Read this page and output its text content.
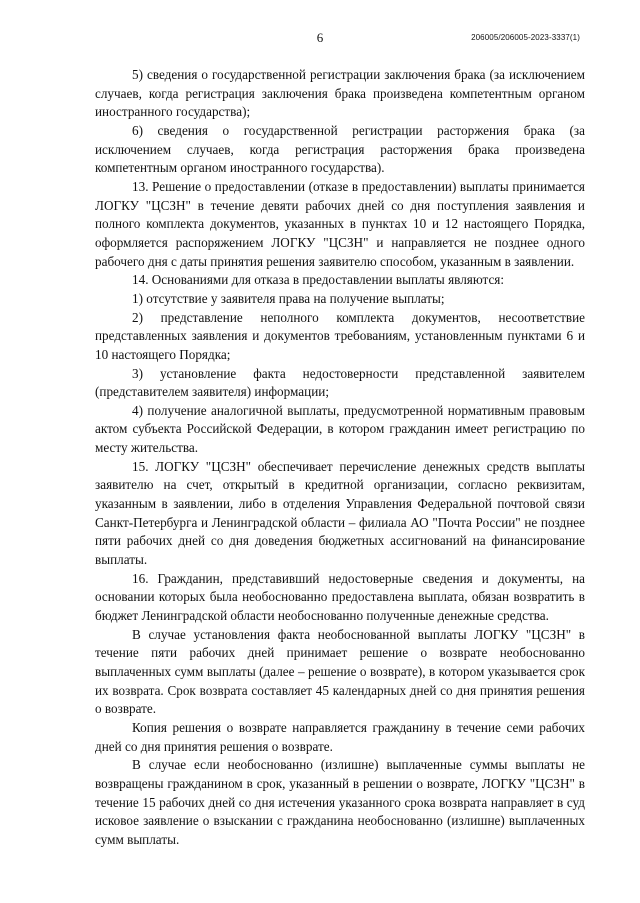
6	206005/206005-2023-3337(1)

5) сведения о государственной регистрации заключения брака (за исключением случаев, когда регистрация заключения брака произведена компетентным органом иностранного государства);

6) сведения о государственной регистрации расторжения брака (за исключением случаев, когда регистрация расторжения брака произведена компетентным органом иностранного государства).

13. Решение о предоставлении (отказе в предоставлении) выплаты принимается ЛОГКУ "ЦСЗН" в течение девяти рабочих дней со дня поступления заявления и полного комплекта документов, указанных в пунктах 10 и 12 настоящего Порядка, оформляется распоряжением ЛОГКУ "ЦСЗН" и направляется не позднее одного рабочего дня с даты принятия решения заявителю способом, указанным в заявлении.

14. Основаниями для отказа в предоставлении выплаты являются:

1) отсутствие у заявителя права на получение выплаты;

2) представление неполного комплекта документов, несоответствие представленных заявления и документов требованиям, установленным пунктами 6 и 10 настоящего Порядка;

3) установление факта недостоверности представленной заявителем (представителем заявителя) информации;

4) получение аналогичной выплаты, предусмотренной нормативным правовым актом субъекта Российской Федерации, в котором гражданин имеет регистрацию по месту жительства.

15. ЛОГКУ "ЦСЗН" обеспечивает перечисление денежных средств выплаты заявителю на счет, открытый в кредитной организации, согласно реквизитам, указанным в заявлении, либо в отделения Управления Федеральной почтовой связи Санкт-Петербурга и Ленинградской области – филиала АО "Почта России" не позднее пяти рабочих дней со дня доведения бюджетных ассигнований на финансирование выплаты.

16. Гражданин, представивший недостоверные сведения и документы, на основании которых была необоснованно предоставлена выплата, обязан возвратить в бюджет Ленинградской области необоснованно полученные денежные средства.

В случае установления факта необоснованной выплаты ЛОГКУ "ЦСЗН" в течение пяти рабочих дней принимает решение о возврате необоснованно выплаченных сумм выплаты (далее – решение о возврате), в котором указывается срок их возврата. Срок возврата составляет 45 календарных дней со дня принятия решения о возврате.

Копия решения о возврате направляется гражданину в течение семи рабочих дней со дня принятия решения о возврате.

В случае если необоснованно (излишне) выплаченные суммы выплаты не возвращены гражданином в срок, указанный в решении о возврате, ЛОГКУ "ЦСЗН" в течение 15 рабочих дней со дня истечения указанного срока возврата направляет в суд исковое заявление о взыскании с гражданина необоснованно (излишне) выплаченных сумм выплаты.
